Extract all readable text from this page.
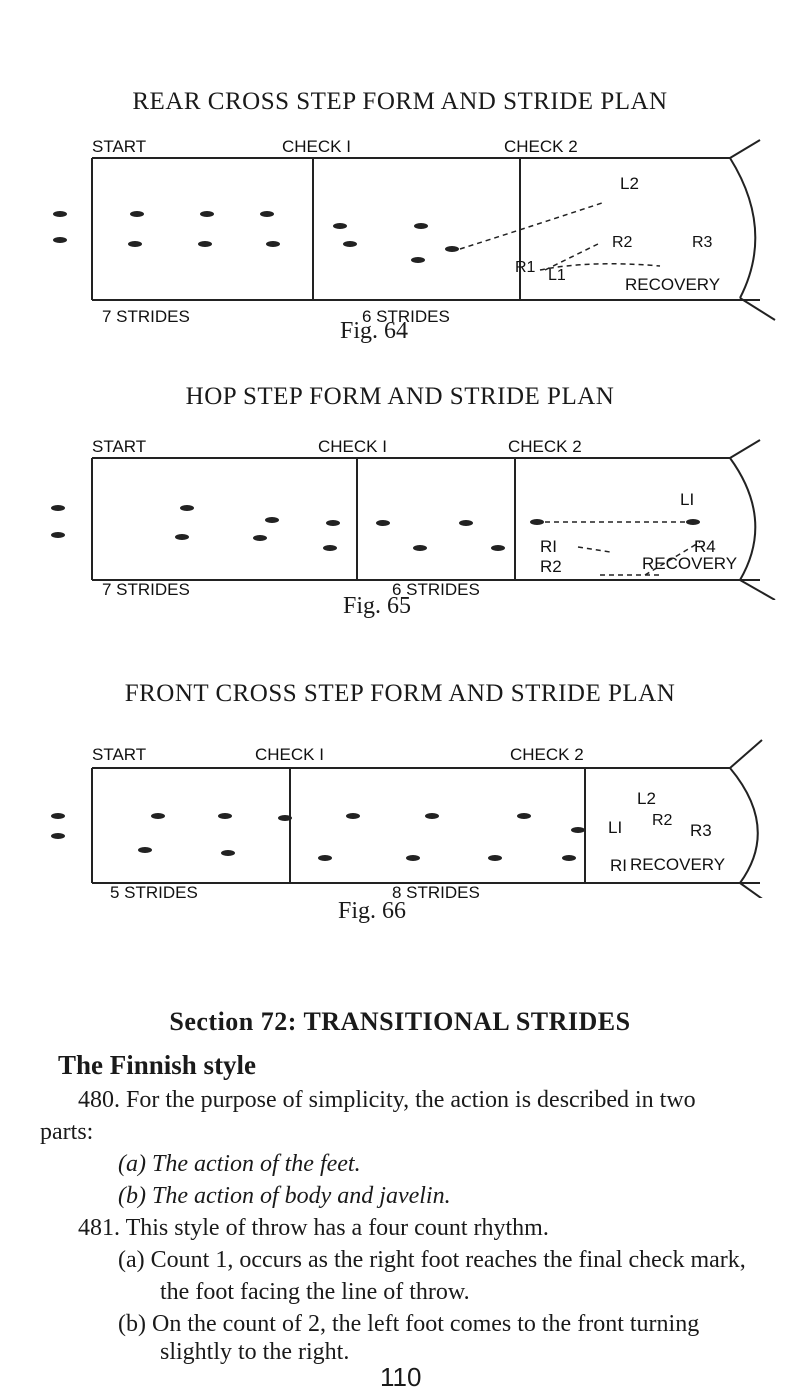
REAR CROSS STEP FORM AND STRIDE PLAN
START	CHECK I	CHECK 2
7 STRIDES	6 STRIDES
RECOVERY
L2
R2	R3
R1 L1
Fig. 64
HOP STEP FORM AND STRIDE PLAN
START	CHECK I	CHECK 2
7 STRIDES	6 STRIDES
RECOVERY
LI
R4
RI
R2
Fig. 65
FRONT CROSS STEP FORM AND STRIDE PLAN
START	CHECK I	CHECK 2
5 STRIDES	8 STRIDES
RECOVERY
L2
LI R2
R3
RI
Fig. 66
Section 72: TRANSITIONAL STRIDES
The Finnish style
480. For the purpose of simplicity, the action is described in two
parts:
(a) The action of the feet.
(b) The action of body and javelin.
481. This style of throw has a four count rhythm.
(a) Count 1, occurs as the right foot reaches the final check mark,
the foot facing the line of throw.
(b) On the count of 2, the left foot comes to the front turning
slightly to the right.
110
